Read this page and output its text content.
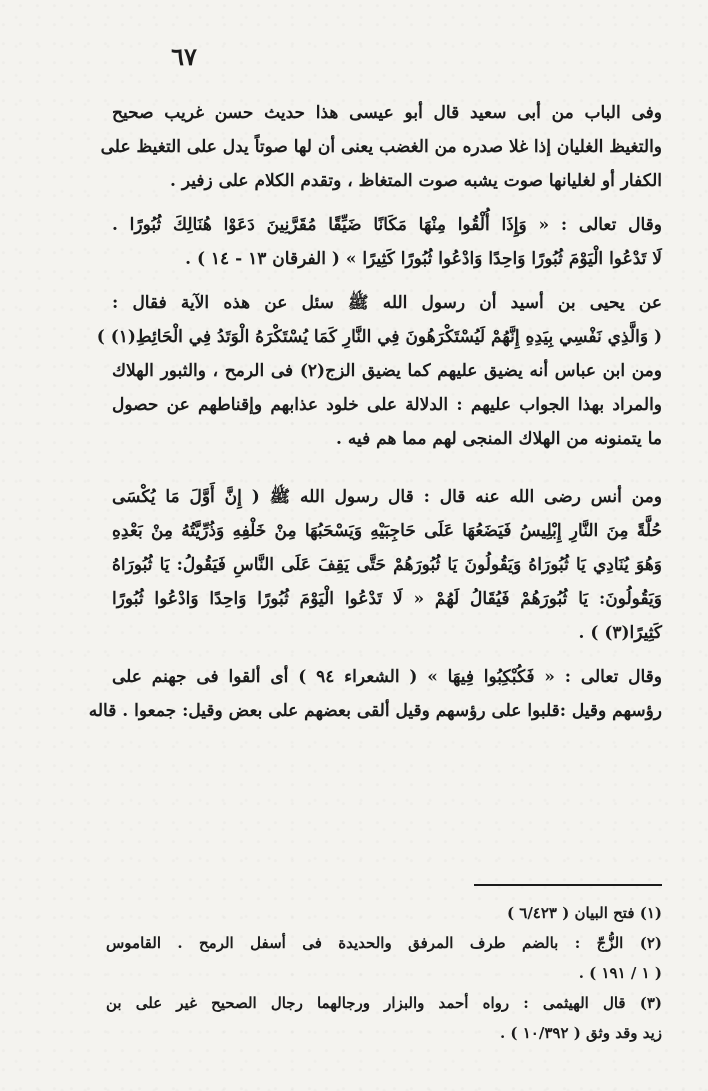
٦٧
وفى الباب من أبى سعيد قال أبو عيسى هذا حديث حسن غريب صحيح
والتغيظ الغليان إذا غلا صدره من الغضب يعنى أن لها صوتاً يدل على التغيظ على
الكفار أو لغليانها صوت يشبه صوت المتغاظ ، وتقدم الكلام على زفير .
وقال تعالى : « وَإِذَا أُلْقُوا مِنْهَا مَكَانًا ضَيِّقًا مُقَرَّنِينَ دَعَوْا هُنَالِكَ ثُبُورًا .
لَا تَدْعُوا الْيَوْمَ ثُبُورًا وَاحِدًا وَادْعُوا ثُبُورًا كَثِيرًا » ( الفرقان ١٣ - ١٤ ) .
عن يحيى بن أسيد أن رسول الله ﷺ سئل عن هذه الآية فقال :
( وَالَّذِي نَفْسِي بِيَدِهِ إِنَّهُمْ لَيُسْتَكْرَهُونَ فِي النَّارِ كَمَا يُسْتَكْرَهُ الْوَتَدُ فِي الْحَائِطِ(١) )
ومن ابن عباس أنه يضيق عليهم كما يضيق الزج(٢) فى الرمح ، والثبور الهلاك
والمراد بهذا الجواب عليهم : الدلالة على خلود عذابهم وإقناطهم عن حصول
ما يتمنونه من الهلاك المنجى لهم مما هم فيه .
ومن أنس رضى الله عنه قال : قال رسول الله ﷺ ( إِنَّ أَوَّلَ مَا يُكْسَى
حُلَّةً مِنَ النَّارِ إِبْلِيسُ فَيَضَعُهَا عَلَى حَاجِبَيْهِ وَيَسْحَبُهَا مِنْ خَلْفِهِ وَذُرِّيَّتُهُ مِنْ بَعْدِهِ
وَهُوَ يُنَادِي يَا ثُبُورَاهُ وَيَقُولُونَ يَا ثُبُورَهُمْ حَتَّى يَقِفَ عَلَى النَّاسِ فَيَقُولُ: يَا ثُبُورَاهُ
وَيَقُولُونَ: يَا ثُبُورَهُمْ فَيُقَالُ لَهُمْ « لَا تَدْعُوا الْيَوْمَ ثُبُورًا وَاحِدًا وَادْعُوا ثُبُورًا
كَثِيرًا(٣) ) .
وقال تعالى : « فَكُبْكِبُوا فِيهَا » ( الشعراء ٩٤ ) أى ألقوا فى جهنم على
رؤسهم وقيل :قلبوا على رؤسهم وقيل ألقى بعضهم على بعض وقيل: جمعوا . قاله
(١) فتح البيان ( ٦/٤٢٣ )
(٢) الزُّجّ : بالضم طرف المرفق والحديدة فى أسفل الرمح . القاموس
( ١ / ١٩١ ) .
(٣) قال الهيثمى : رواه أحمد والبزار ورجالهما رجال الصحيح غير على بن
زيد وقد وثق ( ١٠/٣٩٢ ) .
